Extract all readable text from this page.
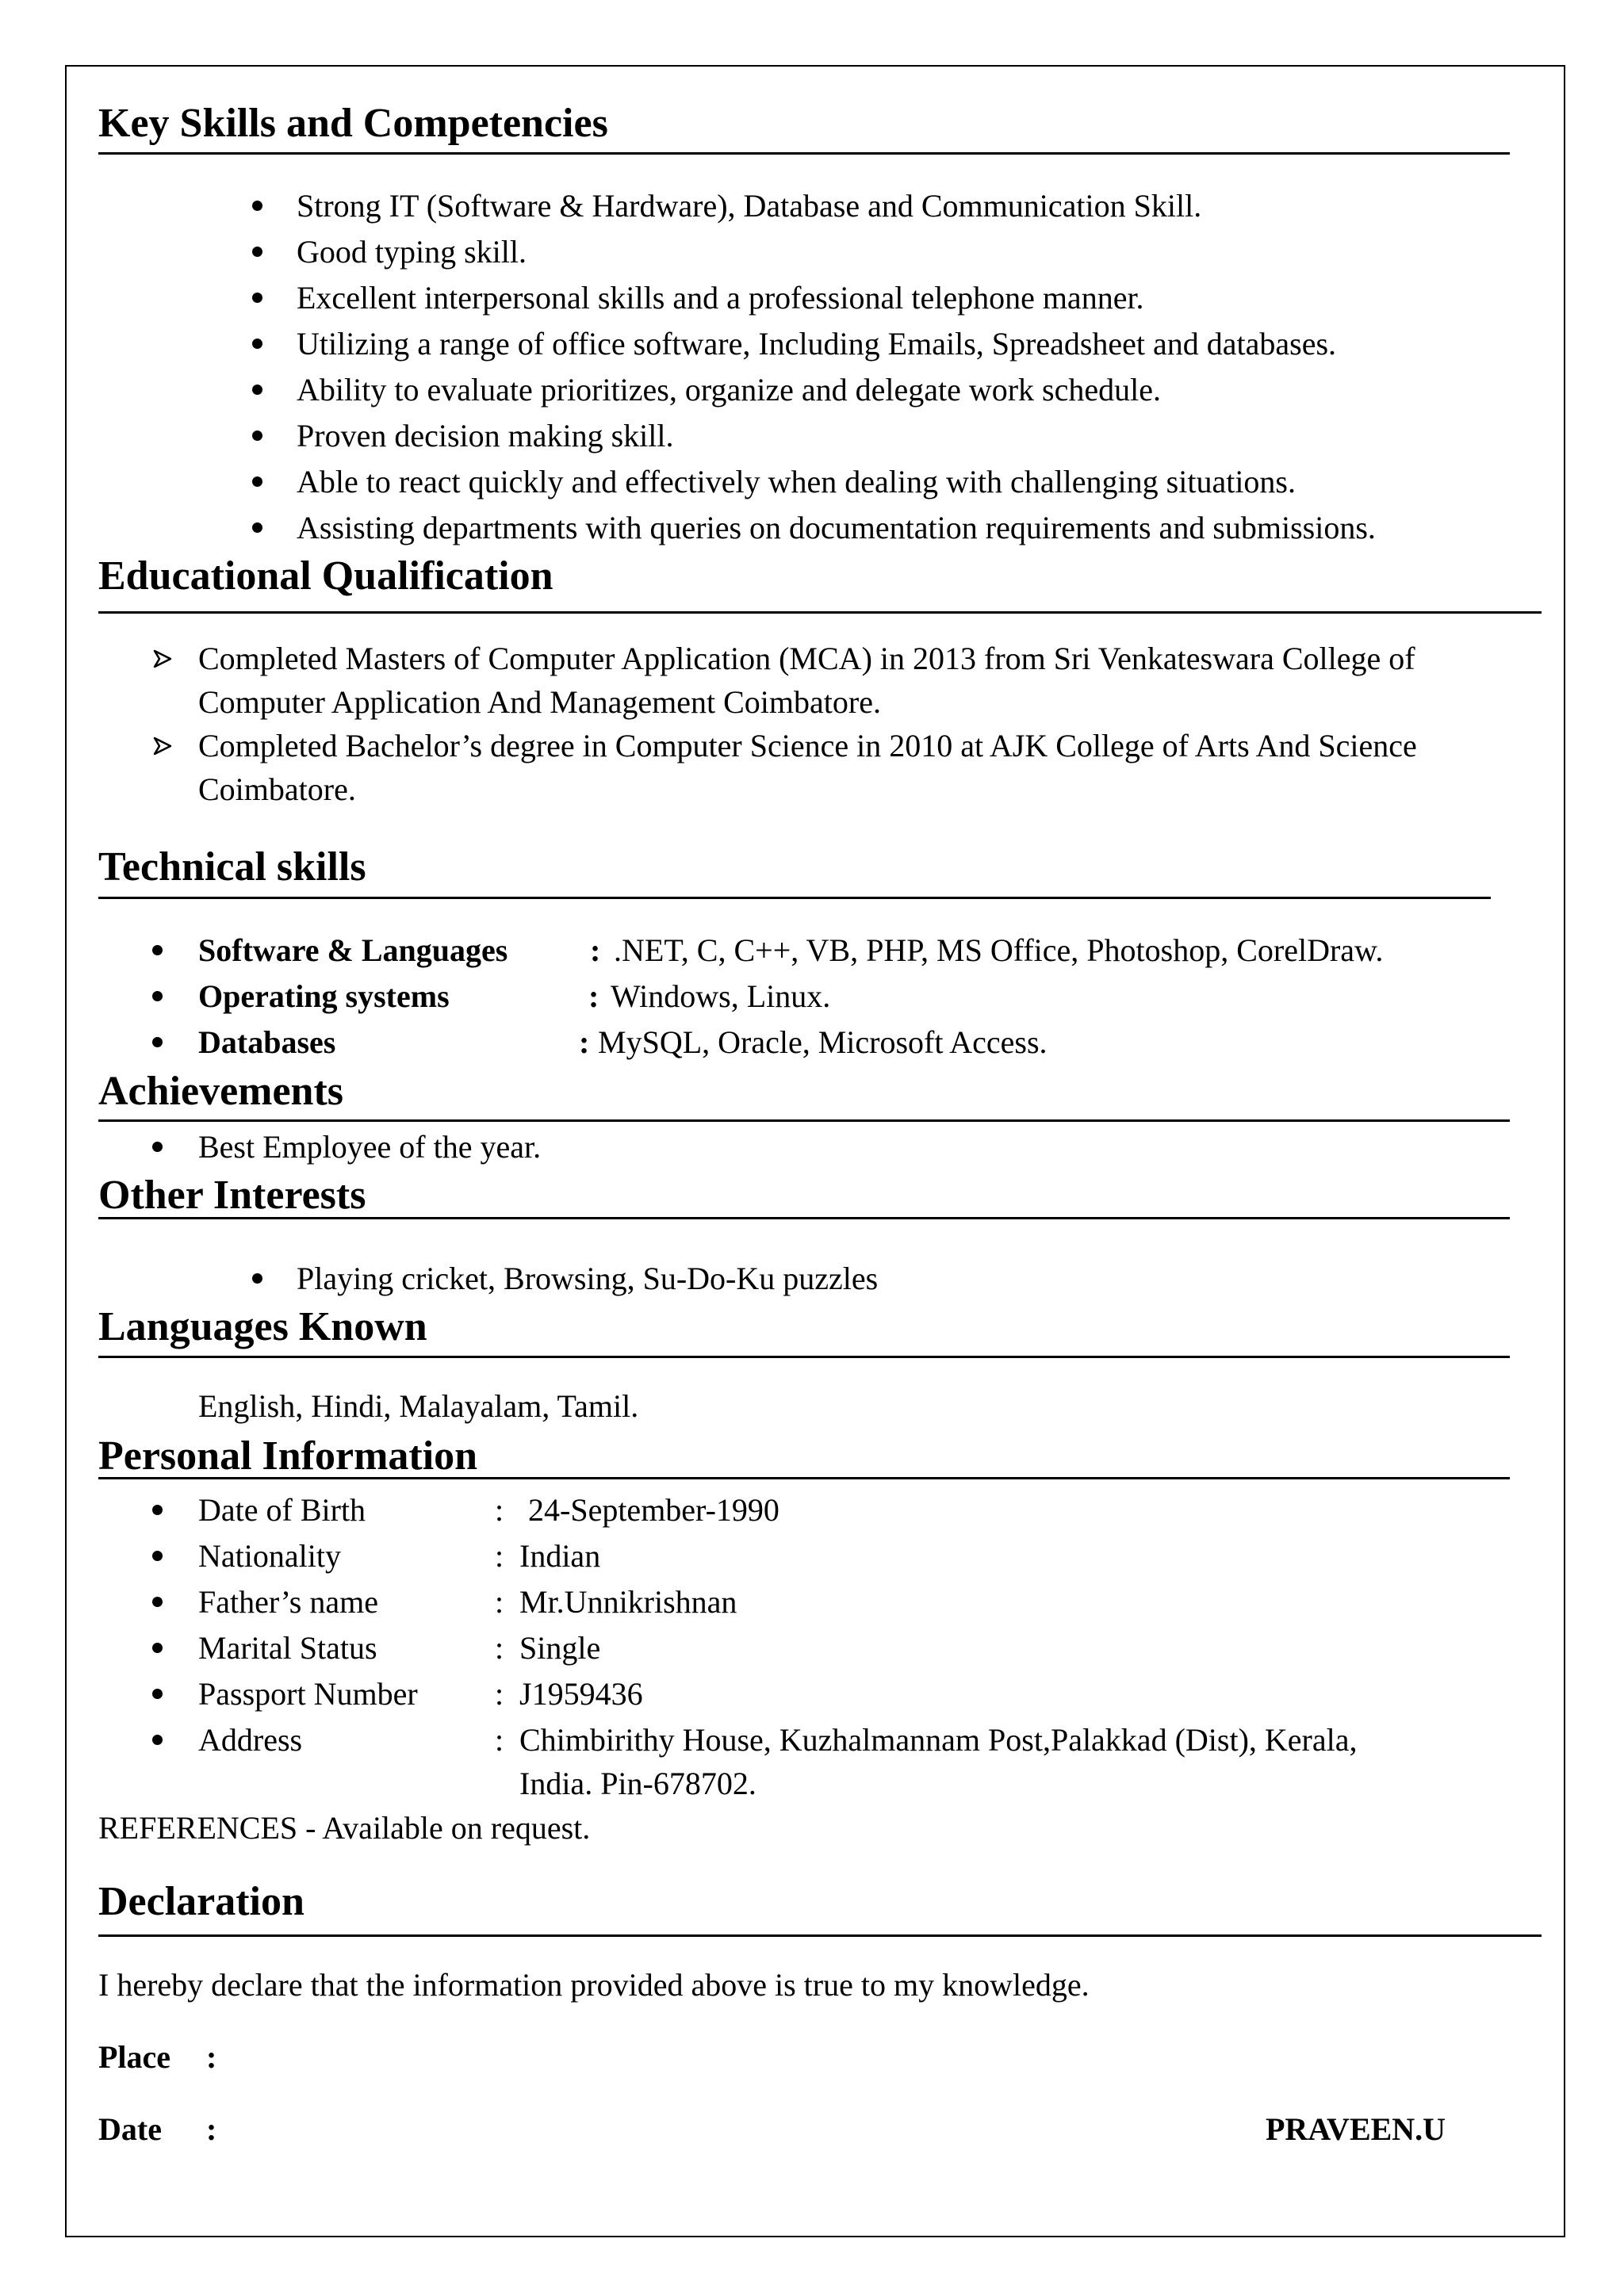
Key Skills and Competencies
Strong IT (Software & Hardware), Database and Communication Skill.
Good typing skill.
Excellent interpersonal skills and a professional telephone manner.
Utilizing a range of office software, Including Emails, Spreadsheet and databases.
Ability to evaluate prioritizes, organize and delegate work schedule.
Proven decision making skill.
Able to react quickly and effectively when dealing with challenging situations.
Assisting departments with queries on documentation requirements and submissions.
Educational Qualification
Completed Masters of Computer Application (MCA) in 2013 from Sri Venkateswara College of
Computer Application And Management Coimbatore.
Completed Bachelor’s degree in Computer Science in 2010 at AJK College of Arts And Science
Coimbatore.
Technical skills
Software & Languages	: .NET, C, C++, VB, PHP, MS Office, Photoshop, CorelDraw.
Operating systems	: Windows, Linux.
Databases	: MySQL, Oracle, Microsoft Access.
Achievements
Best Employee of the year.
Other Interests
Playing cricket, Browsing, Su-Do-Ku puzzles
Languages Known
English, Hindi, Malayalam, Tamil.
Personal Information
Date of Birth	: 24-September-1990
Nationality	: Indian
Father’s name	: Mr.Unnikrishnan
Marital Status	: Single
Passport Number : J1959436
Address	: Chimbirithy House, Kuzhalmannam Post,Palakkad (Dist), Kerala,
India. Pin-678702.
REFERENCES - Available on request.
Declaration
I hereby declare that the information provided above is true to my knowledge.
Place :
Date :	PRAVEEN.U
